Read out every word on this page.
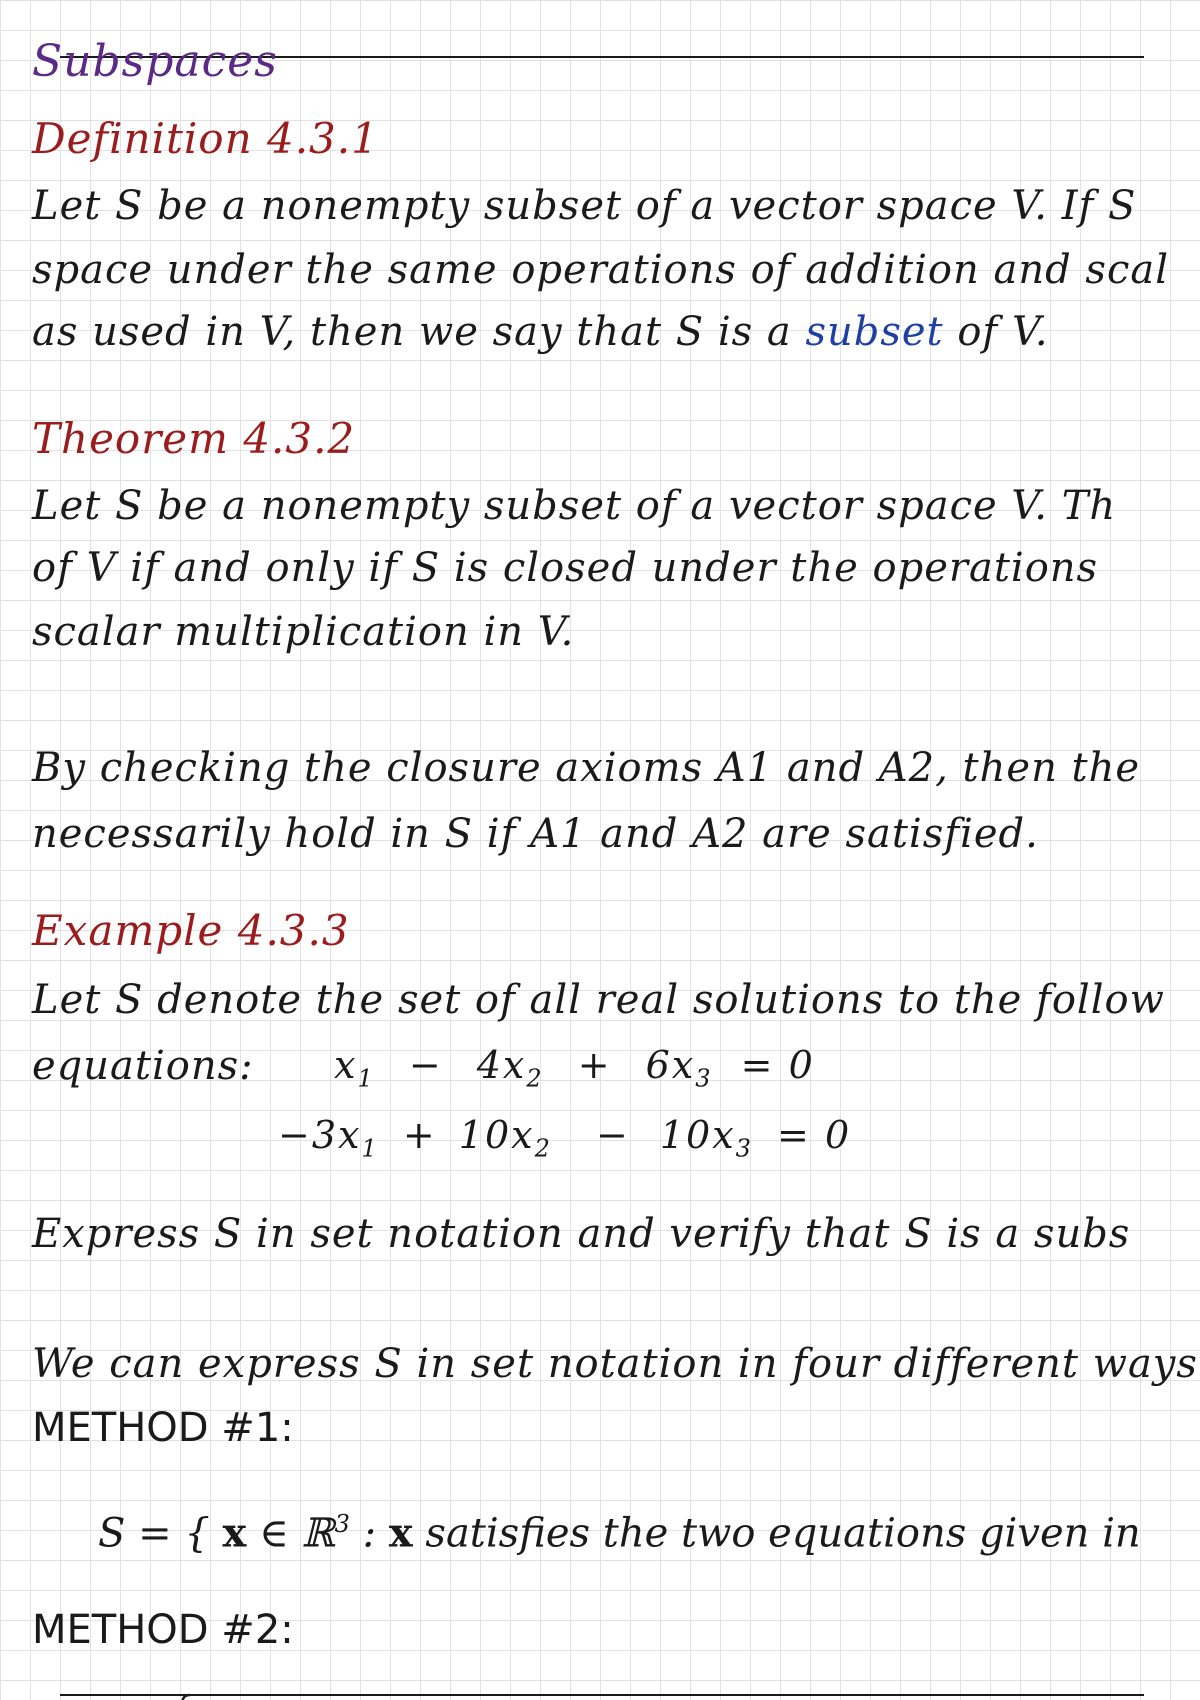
Subspaces
Definition 4.3.1
Let S be a nonempty subset of a vector space V. If S
space under the same operations of addition and scal
as used in V, then we say that S is a subset of V.
Theorem 4.3.2
Let S be a nonempty subset of a vector space V. Th
of V if and only if S is closed under the operations
scalar multiplication in V.
By checking the closure axioms A1 and A2, then the
necessarily hold in S if A1 and A2 are satisfied.
Example 4.3.3
Let S denote the set of all real solutions to the follow
equations: $x_1 - 4x_2 + 6x_3 = 0$
$-3x_1 + 10x_2 - 10x_3 = 0$
Express S in set notation and verify that S is a subs
We can express S in set notation in four different ways
METHOD #1:
S = { x ∈ ℝ$^3$ : x satisfies the two equations given in
METHOD #2:
